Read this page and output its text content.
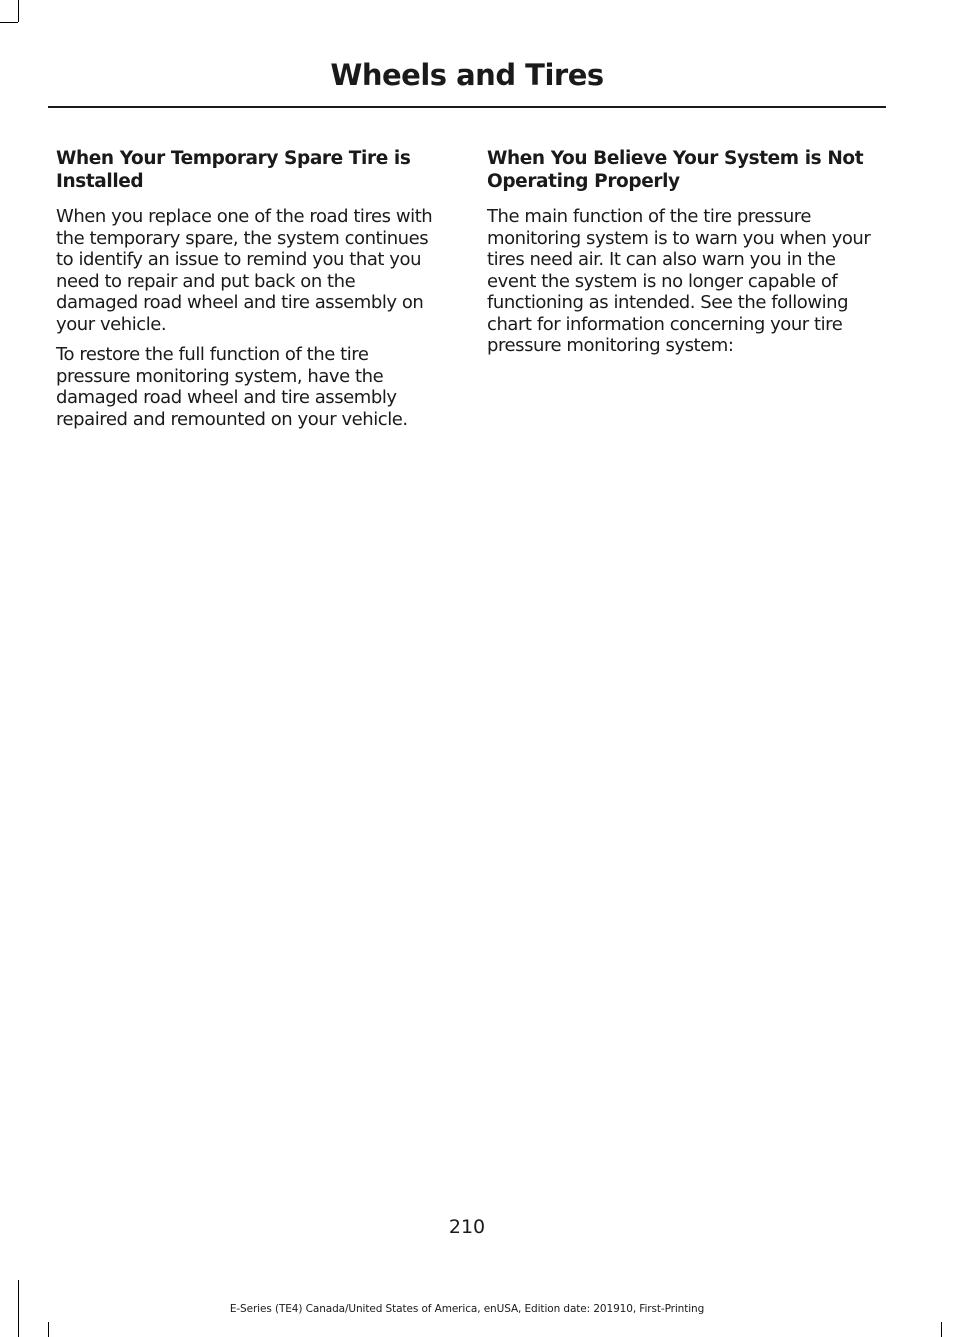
Wheels and Tires
When Your Temporary Spare Tire is Installed

When you replace one of the road tires with the temporary spare, the system continues to identify an issue to remind you that you need to repair and put back on the damaged road wheel and tire assembly on your vehicle.

To restore the full function of the tire pressure monitoring system, have the damaged road wheel and tire assembly repaired and remounted on your vehicle.

When You Believe Your System is Not Operating Properly

The main function of the tire pressure monitoring system is to warn you when your tires need air. It can also warn you in the event the system is no longer capable of functioning as intended. See the following chart for information concerning your tire pressure monitoring system:

210
E-Series (TE4) Canada/United States of America, enUSA, Edition date: 201910, First-Printing
